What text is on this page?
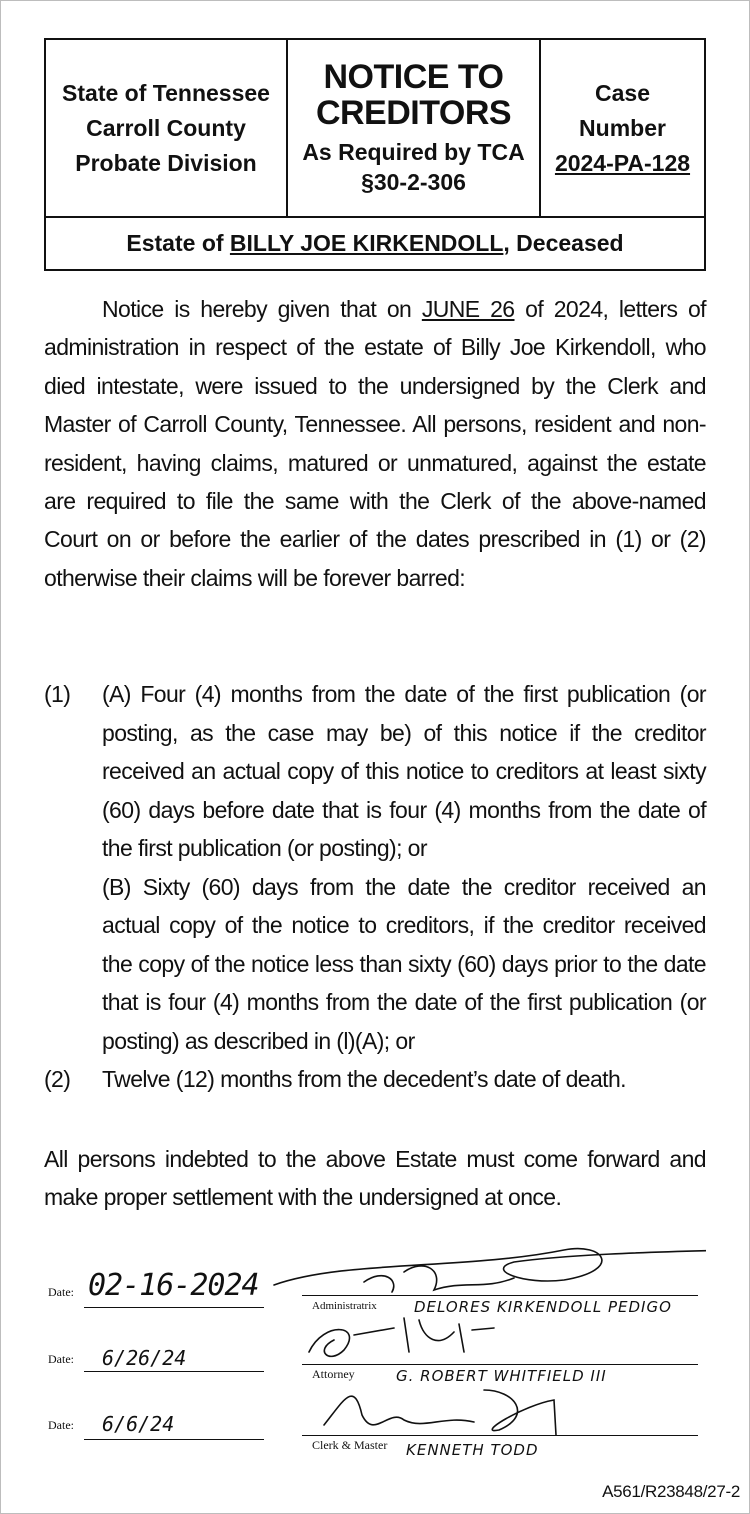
State of Tennessee
Carroll County
Probate Division
NOTICE TO
CREDITORS
As Required by TCA
§30-2-306
Case
Number
2024-PA-128
Estate of BILLY JOE KIRKENDOLL , Deceased
Notice is hereby given that on JUNE 26 of 2024, letters of administration in respect of the estate of Billy Joe Kirkendoll, who died intestate, were issued to the undersigned by the Clerk and Master of Carroll County, Tennessee. All persons, resident and non-resident, having claims, matured or unmatured, against the estate are required to file the same with the Clerk of the above-named Court on or before the earlier of the dates prescribed in (1) or (2) otherwise their claims will be forever barred:
(1)	(A) Four (4) months from the date of the first publication (or posting, as the case may be) of this notice if the creditor received an actual copy of this notice to creditors at least sixty (60) days before date that is four (4) months from the date of the first publication (or posting); or
(B) Sixty (60) days from the date the creditor received an actual copy of the notice to creditors, if the creditor received the copy of the notice less than sixty (60) days prior to the date that is four (4) months from the date of the first publication (or posting) as described in (l)(A); or
(2)	Twelve (12) months from the decedent’s date of death.
All persons indebted to the above Estate must come forward and make proper settlement with the undersigned at once.
Date: 02-16-2024
Administratrix DELORES KIRKENDOLL PEDIGO
Date: 6/26/24
Attorney	G. ROBERT WHITFIELD III
Date: 6/6/24
Clerk & Master KENNETH TODD
A561/R23848/27-2
